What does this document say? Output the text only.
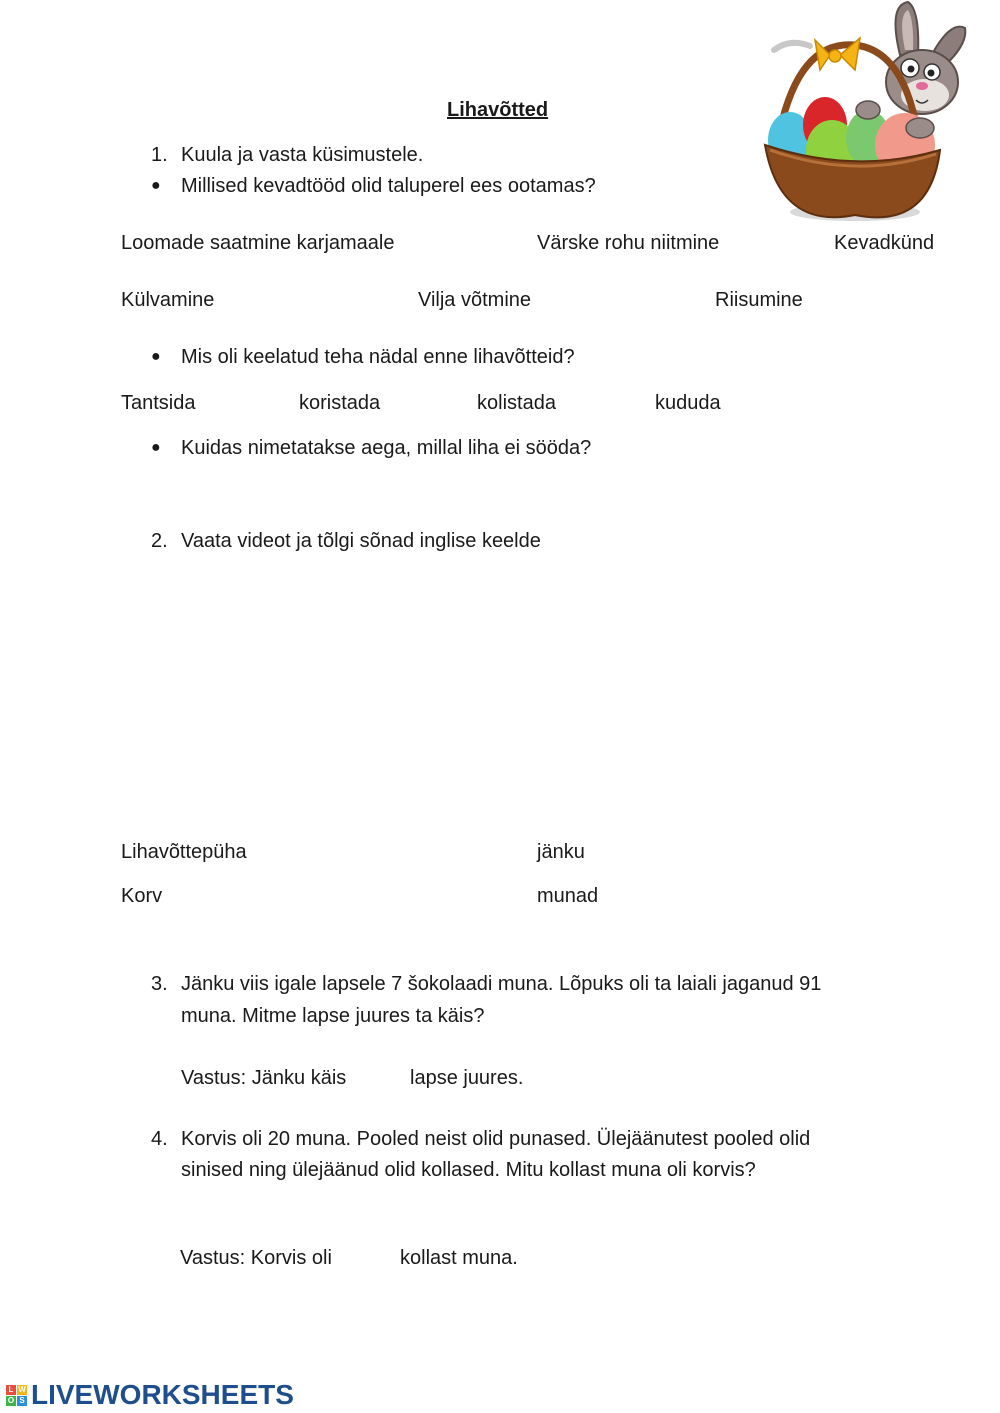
Lihavõtted
1. Kuula ja vasta küsimustele.
● Millised kevadtööd olid taluperel ees ootamas?
Loomade saatmine karjamaale	Värske rohu niitmine	Kevadkünd
Külvamine	Vilja võtmine	Riisumine
● Mis oli keelatud teha nädal enne lihavõtteid?
Tantsida	koristada	kolistada	kududa
● Kuidas nimetatakse aega, millal liha ei sööda?
2. Vaata videot ja tõlgi sõnad inglise keelde
Lihavõttepüha	jänku
Korv	munad
3. Jänku viis igale lapsele 7 šokolaadi muna. Lõpuks oli ta laiali jaganud 91
muna. Mitme lapse juures ta käis?
Vastus: Jänku käis	lapse juures.
4. Korvis oli 20 muna. Pooled neist olid punased. Ülejäänutest pooled olid
sinised ning ülejäänud olid kollased. Mitu kollast muna oli korvis?
Vastus: Korvis oli	kollast muna.
L W
O S LIVEWORKSHEETS
